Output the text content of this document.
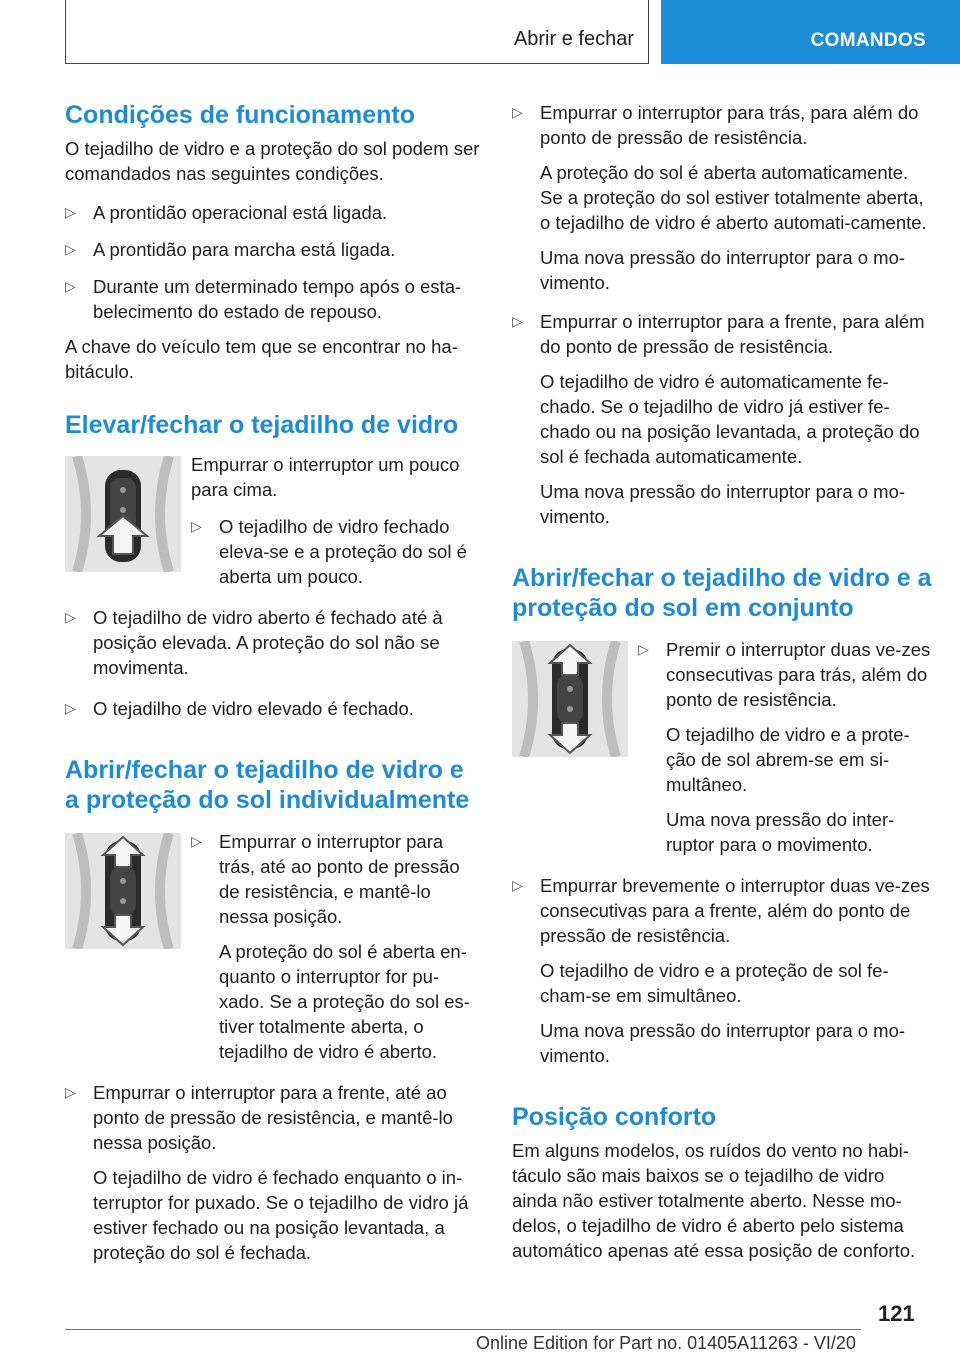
Abrir e fechar	COMANDOS
Condições de funcionamento

O tejadilho de vidro e a proteção do sol podem ser comandados nas seguintes condições.

▷ A prontidão operacional está ligada.

▷ A prontidão para marcha está ligada.

▷ Durante um determinado tempo após o esta-belecimento do estado de repouso.

A chave do veículo tem que se encontrar no ha-bitáculo.

Elevar/fechar o tejadilho de vidro

Empurrar o interruptor um pouco para cima.

▷ O tejadilho de vidro fechado eleva-se e a proteção do sol é aberta um pouco.

▷ O tejadilho de vidro aberto é fechado até à posição elevada. A proteção do sol não se movimenta.

▷ O tejadilho de vidro elevado é fechado.

Abrir/fechar o tejadilho de vidro e a proteção do sol individualmente
▷ Empurrar o interruptor para trás, até ao ponto de pressão de resistência, e mantê-lo nessa posição.

A proteção do sol é aberta en-quanto o interruptor for pu-xado. Se a proteção do sol es-tiver totalmente aberta, o tejadilho de vidro é aberto.

▷ Empurrar o interruptor para a frente, até ao ponto de pressão de resistência, e mantê-lo nessa posição.

O tejadilho de vidro é fechado enquanto o in-terruptor for puxado. Se o tejadilho de vidro já estiver fechado ou na posição levantada, a proteção do sol é fechada.

▷ Empurrar o interruptor para trás, para além do ponto de pressão de resistência.

A proteção do sol é aberta automaticamente. Se a proteção do sol estiver totalmente aberta, o tejadilho de vidro é aberto automati-camente.

Uma nova pressão do interruptor para o mo-vimento.

▷ Empurrar o interruptor para a frente, para além do ponto de pressão de resistência.

O tejadilho de vidro é automaticamente fe-chado. Se o tejadilho de vidro já estiver fe-chado ou na posição levantada, a proteção do sol é fechada automaticamente.

Uma nova pressão do interruptor para o mo-vimento.

Abrir/fechar o tejadilho de vidro e a proteção do sol em conjunto
▷ Premir o interruptor duas ve-zes consecutivas para trás, além do ponto de resistência.

O tejadilho de vidro e a prote-ção de sol abrem-se em si-multâneo.

Uma nova pressão do inter-ruptor para o movimento.

▷ Empurrar brevemente o interruptor duas ve-zes consecutivas para a frente, além do ponto de pressão de resistência.

O tejadilho de vidro e a proteção de sol fe-cham-se em simultâneo.

Uma nova pressão do interruptor para o mo-vimento.

Posição conforto

Em alguns modelos, os ruídos do vento no habi-táculo são mais baixos se o tejadilho de vidro ainda não estiver totalmente aberto. Nesse mo-delos, o tejadilho de vidro é aberto pelo sistema automático apenas até essa posição de conforto.

121
Online Edition for Part no. 01405A11263 - VI/20
